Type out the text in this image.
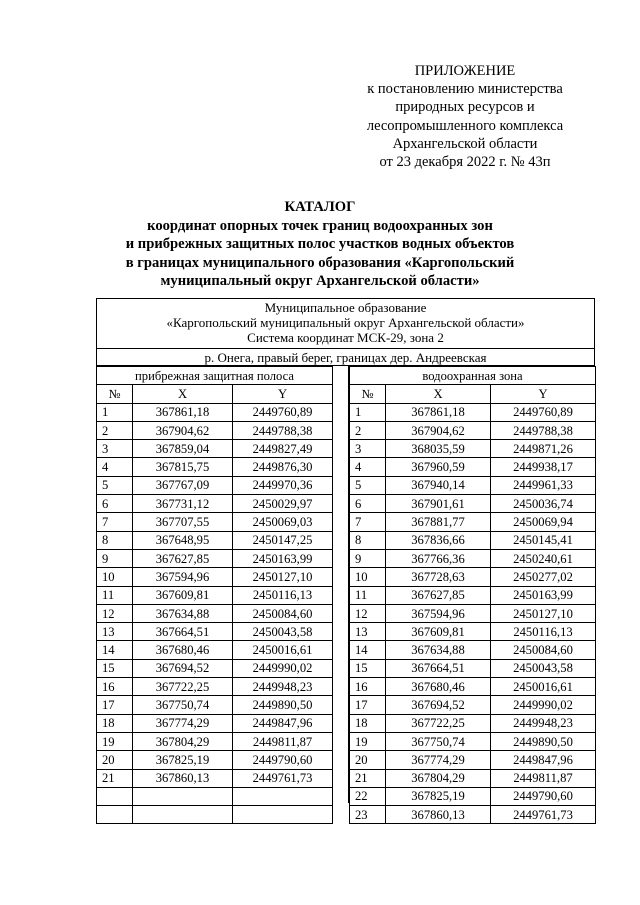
ПРИЛОЖЕНИЕ
к постановлению министерства
природных ресурсов и
лесопромышленного комплекса
Архангельской области
от 23 декабря 2022 г. № 43п
КАТАЛОГ
координат опорных точек границ водоохранных зон
и прибрежных защитных полос участков водных объектов
в границах муниципального образования «Каргопольский
муниципальный округ Архангельской области»
Муниципальное образование
«Каргопольский муниципальный округ Архангельской области»
Система координат МСК-29, зона 2
р. Онега, правый берег, границах дер. Андреевская
прибрежная защитная полоса		
№	X	Y
1	367861,18	2449760,89
2	367904,62	2449788,38
3	367859,04	2449827,49
4	367815,75	2449876,30
5	367767,09	2449970,36
6	367731,12	2450029,97
7	367707,55	2450069,03
8	367648,95	2450147,25
9	367627,85	2450163,99
10	367594,96	2450127,10
11	367609,81	2450116,13
12	367634,88	2450084,60
13	367664,51	2450043,58
14	367680,46	2450016,61
15	367694,52	2449990,02
16	367722,25	2449948,23
17	367750,74	2449890,50
18	367774,29	2449847,96
19	367804,29	2449811,87
20	367825,19	2449790,60
21	367860,13	2449761,73

водоохранная зона		
№	X	Y
1	367861,18	2449760,89
2	367904,62	2449788,38
3	368035,59	2449871,26
4	367960,59	2449938,17
5	367940,14	2449961,33
6	367901,61	2450036,74
7	367881,77	2450069,94
8	367836,66	2450145,41
9	367766,36	2450240,61
10	367728,63	2450277,02
11	367627,85	2450163,99
12	367594,96	2450127,10
13	367609,81	2450116,13
14	367634,88	2450084,60
15	367664,51	2450043,58
16	367680,46	2450016,61
17	367694,52	2449990,02
18	367722,25	2449948,23
19	367750,74	2449890,50
20	367774,29	2449847,96
21	367804,29	2449811,87
22	367825,19	2449790,60
23	367860,13	2449761,73
